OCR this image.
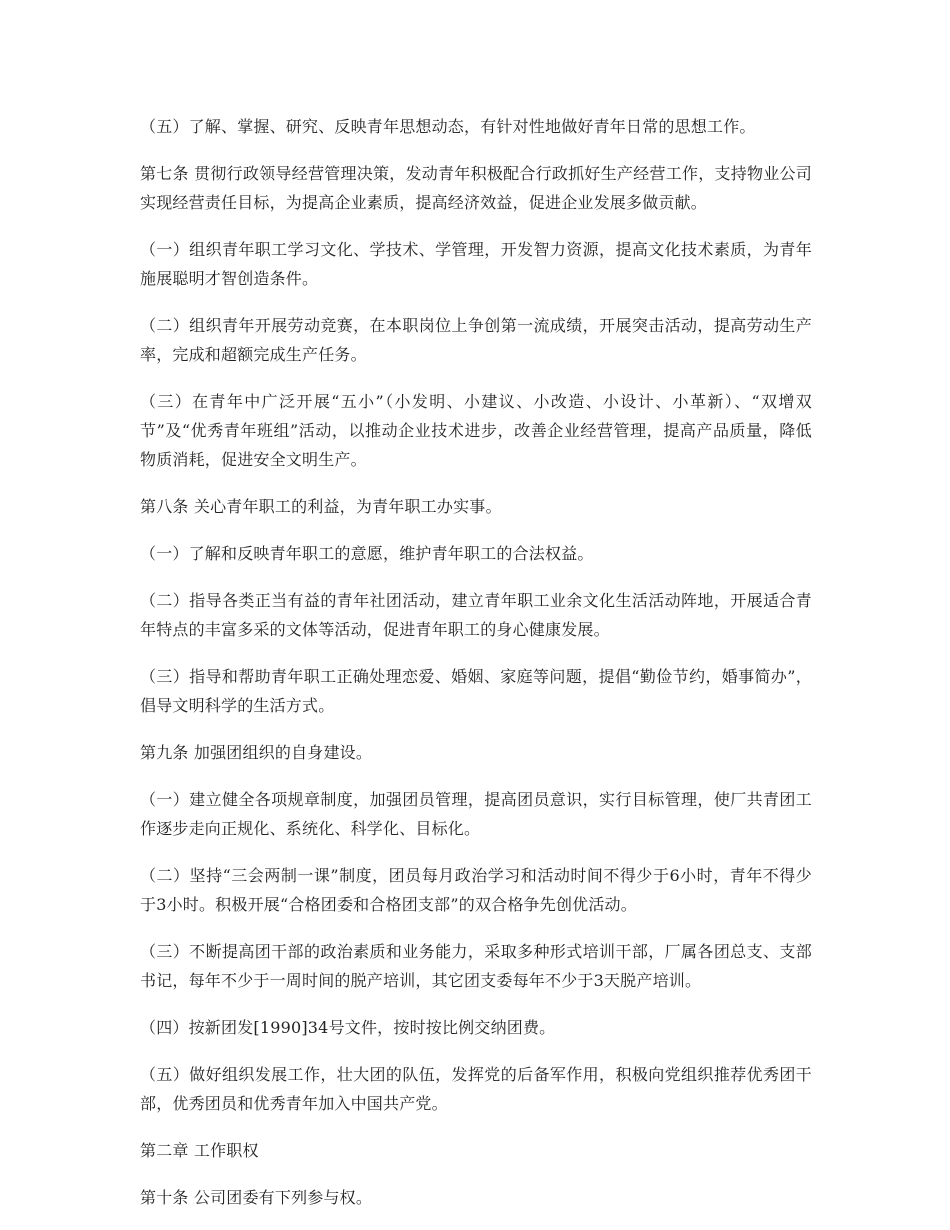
（五）了解、掌握、研究、反映青年思想动态，有针对性地做好青年日常的思想工作。

第七条 贯彻行政领导经营管理决策，发动青年积极配合行政抓好生产经营工作，支持物业公司实现经营责任目标，为提高企业素质，提高经济效益，促进企业发展多做贡献。

（一）组织青年职工学习文化、学技术、学管理，开发智力资源，提高文化技术素质，为青年施展聪明才智创造条件。

（二）组织青年开展劳动竞赛，在本职岗位上争创第一流成绩，开展突击活动，提高劳动生产率，完成和超额完成生产任务。

（三）在青年中广泛开展“五小”（小发明、小建议、小改造、小设计、小革新）、“双增双节”及“优秀青年班组”活动，以推动企业技术进步，改善企业经营管理，提高产品质量，降低物质消耗，促进安全文明生产。

第八条 关心青年职工的利益，为青年职工办实事。

（一）了解和反映青年职工的意愿，维护青年职工的合法权益。

（二）指导各类正当有益的青年社团活动，建立青年职工业余文化生活活动阵地，开展适合青年特点的丰富多采的文体等活动，促进青年职工的身心健康发展。

（三）指导和帮助青年职工正确处理恋爱、婚姻、家庭等问题，提倡“勤俭节约，婚事简办”，倡导文明科学的生活方式。

第九条 加强团组织的自身建设。

（一）建立健全各项规章制度，加强团员管理，提高团员意识，实行目标管理，使厂共青团工作逐步走向正规化、系统化、科学化、目标化。

（二）坚持“三会两制一课”制度，团员每月政治学习和活动时间不得少于6小时，青年不得少于3小时。积极开展“合格团委和合格团支部”的双合格争先创优活动。

（三）不断提高团干部的政治素质和业务能力，采取多种形式培训干部，厂属各团总支、支部书记，每年不少于一周时间的脱产培训，其它团支委每年不少于3天脱产培训。

（四）按新团发[1990]34号文件，按时按比例交纳团费。

（五）做好组织发展工作，壮大团的队伍，发挥党的后备军作用，积极向党组织推荐优秀团干部，优秀团员和优秀青年加入中国共产党。

第二章 工作职权

第十条 公司团委有下列参与权。
